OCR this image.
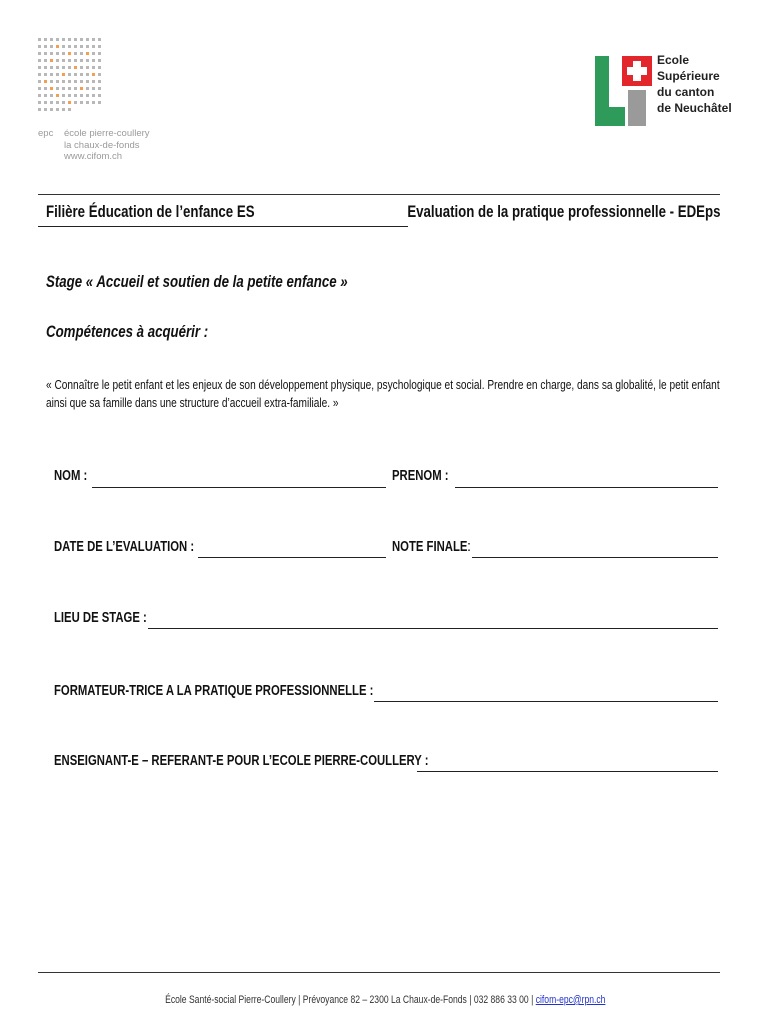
epc école pierre-coullery
la chaux-de-fonds
www.cifom.ch
Ecole
Supérieure
du canton
de Neuchâtel
Filière Éducation de l’enfance ES	Evaluation de la pratique professionnelle - EDEps
Stage « Accueil et soutien de la petite enfance »
Compétences à acquérir :
« Connaître le petit enfant et les enjeux de son développement physique, psychologique et social. Prendre en charge, dans sa globalité, le petit enfant
ainsi que sa famille dans une structure d’accueil extra-familiale. »
NOM :	PRENOM :
DATE DE L’EVALUATION :	NOTE FINALE :
LIEU DE STAGE :
FORMATEUR-TRICE A LA PRATIQUE PROFESSIONNELLE :
ENSEIGNANT-E – REFERANT-E POUR L’ECOLE PIERRE-COULLERY :
École Santé-social Pierre-Coullery | Prévoyance 82 – 2300 La Chaux-de-Fonds | 032 886 33 00 | cifom-epc@rpn.ch
